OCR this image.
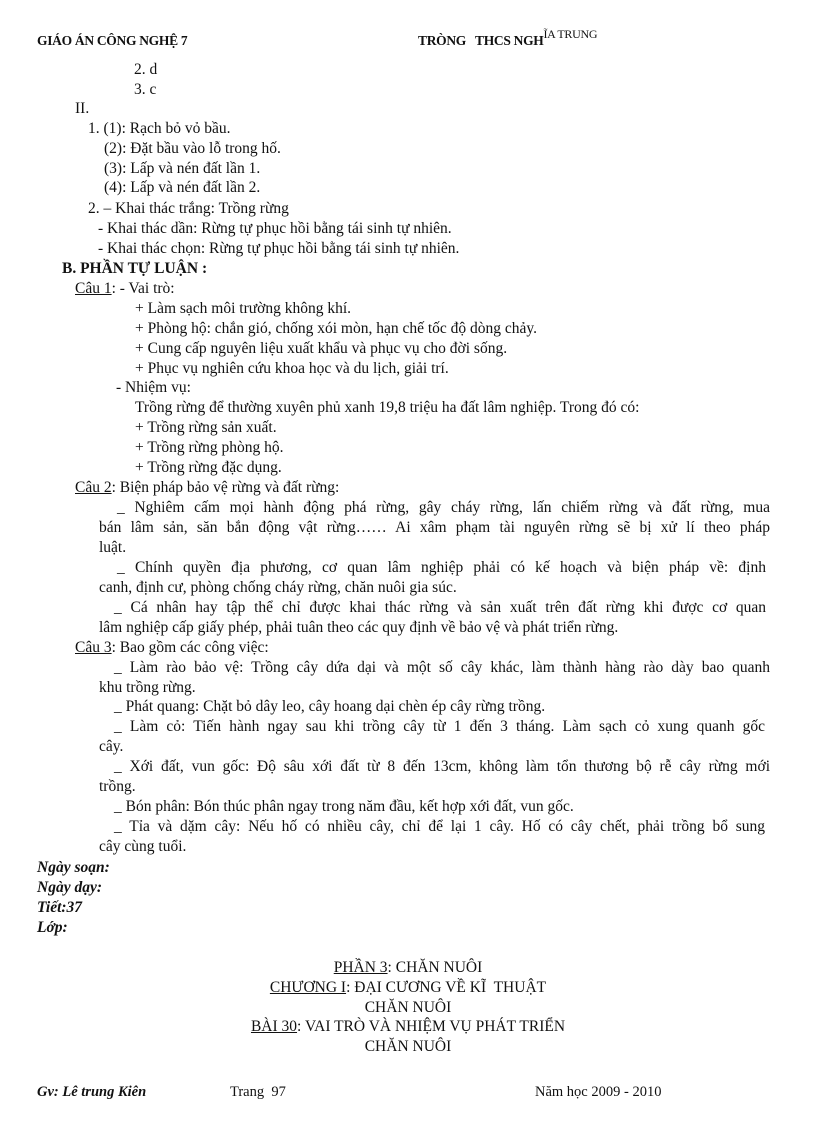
GIÁO ÁN CÔNG NGHỆ 7	TRÒNG   THCS NGHĨA TRUNG
2. d
3. c
II.
1. (1): Rạch bỏ vỏ bầu.
(2): Đặt bầu vào lỗ trong hố.
(3): Lấp và nén đất lần 1.
(4): Lấp và nén đất lần 2.
2. – Khai thác trắng: Trồng rừng
- Khai thác dần: Rừng tự phục hồi bằng tái sinh tự nhiên.
- Khai thác chọn: Rừng tự phục hồi bằng tái sinh tự nhiên.
B. PHẦN TỰ LUẬN :
Câu 1: - Vai trò:
+ Làm sạch môi trường không khí.
+ Phòng hộ: chắn gió, chống xói mòn, hạn chế tốc độ dòng chảy.
+ Cung cấp nguyên liệu xuất khẩu và phục vụ cho đời sống.
+ Phục vụ nghiên cứu khoa học và du lịch, giải trí.
- Nhiệm vụ:
Trồng rừng để thường xuyên phủ xanh 19,8 triệu ha đất lâm nghiệp. Trong đó có:
+ Trồng rừng sản xuất.
+ Trồng rừng phòng hộ.
+ Trồng rừng đặc dụng.
Câu 2: Biện pháp bảo vệ rừng và đất rừng:
_ Nghiêm cấm mọi hành động phá rừng, gây cháy rừng, lấn chiếm rừng và đất rừng, mua
bán lâm sản, săn bắn động vật rừng…… Ai xâm phạm tài nguyên rừng sẽ bị xử lí theo pháp
luật.
_ Chính quyền địa phương, cơ quan lâm nghiệp phải có kế hoạch và biện pháp về: định
canh, định cư, phòng chống cháy rừng, chăn nuôi gia súc.
_ Cá nhân hay tập thể chỉ được khai thác rừng và sản xuất trên đất rừng khi được cơ quan
lâm nghiệp cấp giấy phép, phải tuân theo các quy định về bảo vệ và phát triển rừng.
Câu 3: Bao gồm các công việc:
_ Làm rào bảo vệ: Trồng cây dứa dại và một số cây khác, làm thành hàng rào dày bao quanh
khu trồng rừng.
_ Phát quang: Chặt bỏ dây leo, cây hoang dại chèn ép cây rừng trồng.
_ Làm cỏ: Tiến hành ngay sau khi trồng cây từ 1 đến 3 tháng. Làm sạch cỏ xung quanh gốc
cây.
_ Xới đất, vun gốc: Độ sâu xới đất từ 8 đến 13cm, không làm tổn thương bộ rễ cây rừng mới
trồng.
_ Bón phân: Bón thúc phân ngay trong năm đầu, kết hợp xới đất, vun gốc.
_ Tỉa và dặm cây: Nếu hố có nhiều cây, chỉ để lại 1 cây. Hố có cây chết, phải trồng bổ sung
cây cùng tuổi.
Ngày soạn:
Ngày dạy:
Tiết:37
Lớp:
PHẦN 3: CHĂN NUÔI
CHƯƠNG I: ĐẠI CƯƠNG VỀ KĨ  THUẬT
CHĂN NUÔI
BÀI 30: VAI TRÒ VÀ NHIỆM VỤ PHÁT TRIỂN
CHĂN NUÔI
Gv: Lê trung Kiên	Trang  97	Năm học 2009 - 2010
